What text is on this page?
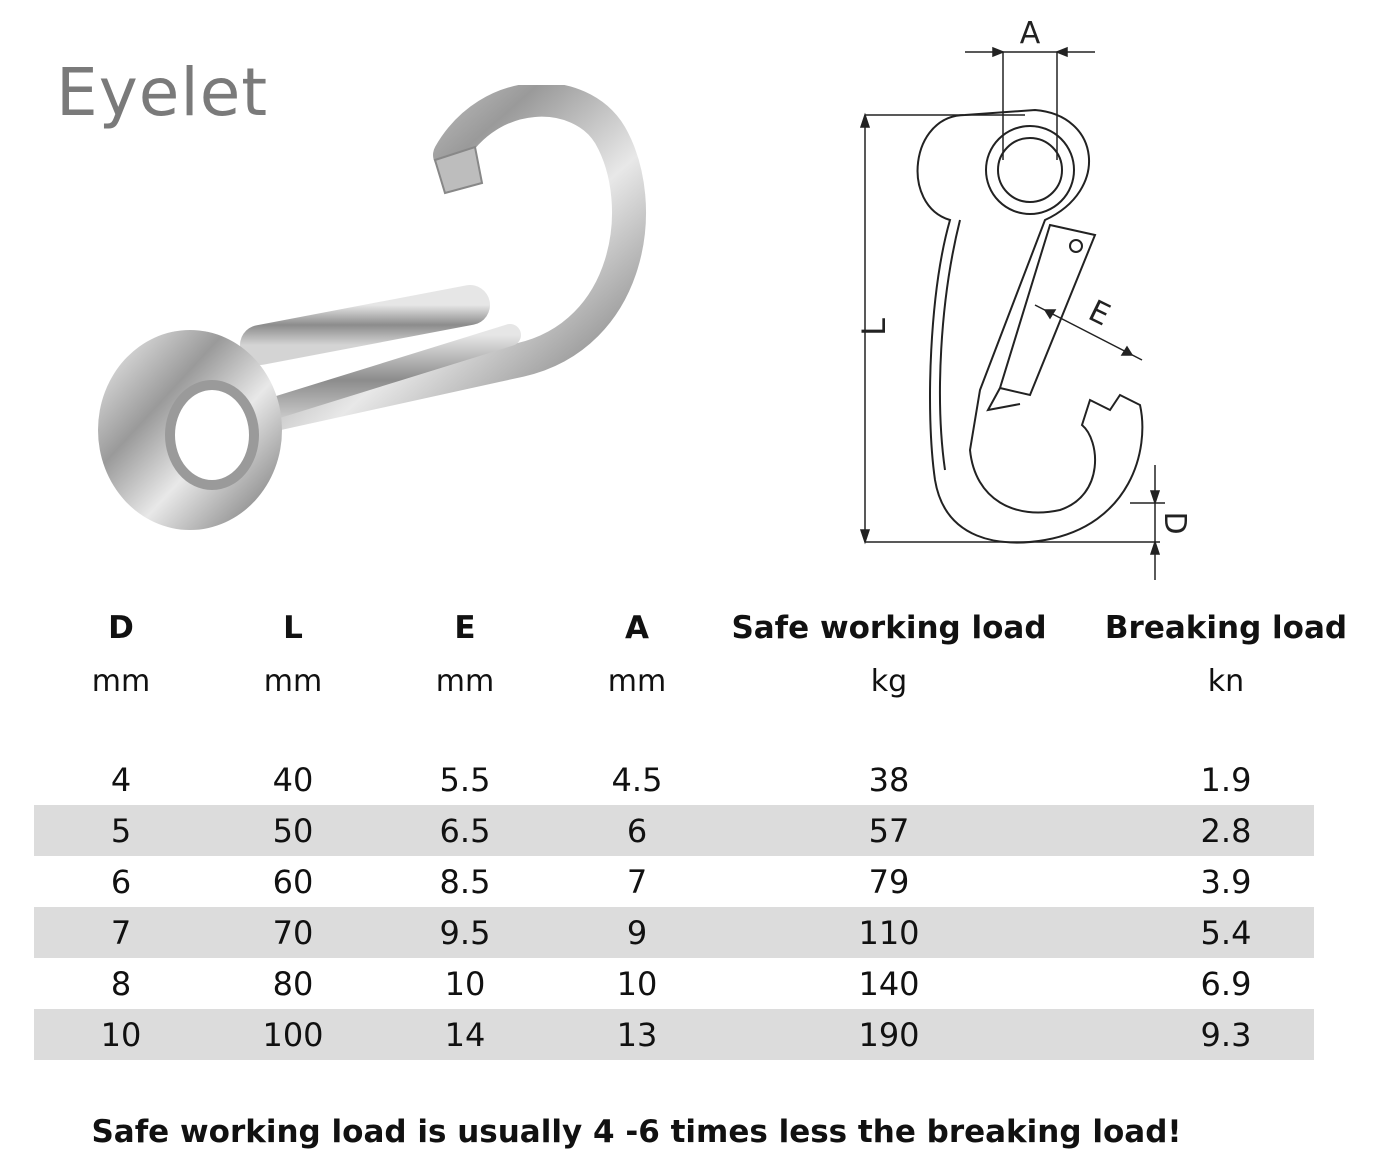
Eyelet
A
L	E
D
D	L	E	A	Safe working load	Breaking load
mm	mm	mm	mm	kg	kn
4	40	5.5	4.5	38	1.9
5	50	6.5	6	57	2.8
6	60	8.5	7	79	3.9
7	70	9.5	9	110	5.4
8	80	10	10	140	6.9
10	100	14	13	190	9.3
Safe working load is usually 4 -6 times less the breaking load!
